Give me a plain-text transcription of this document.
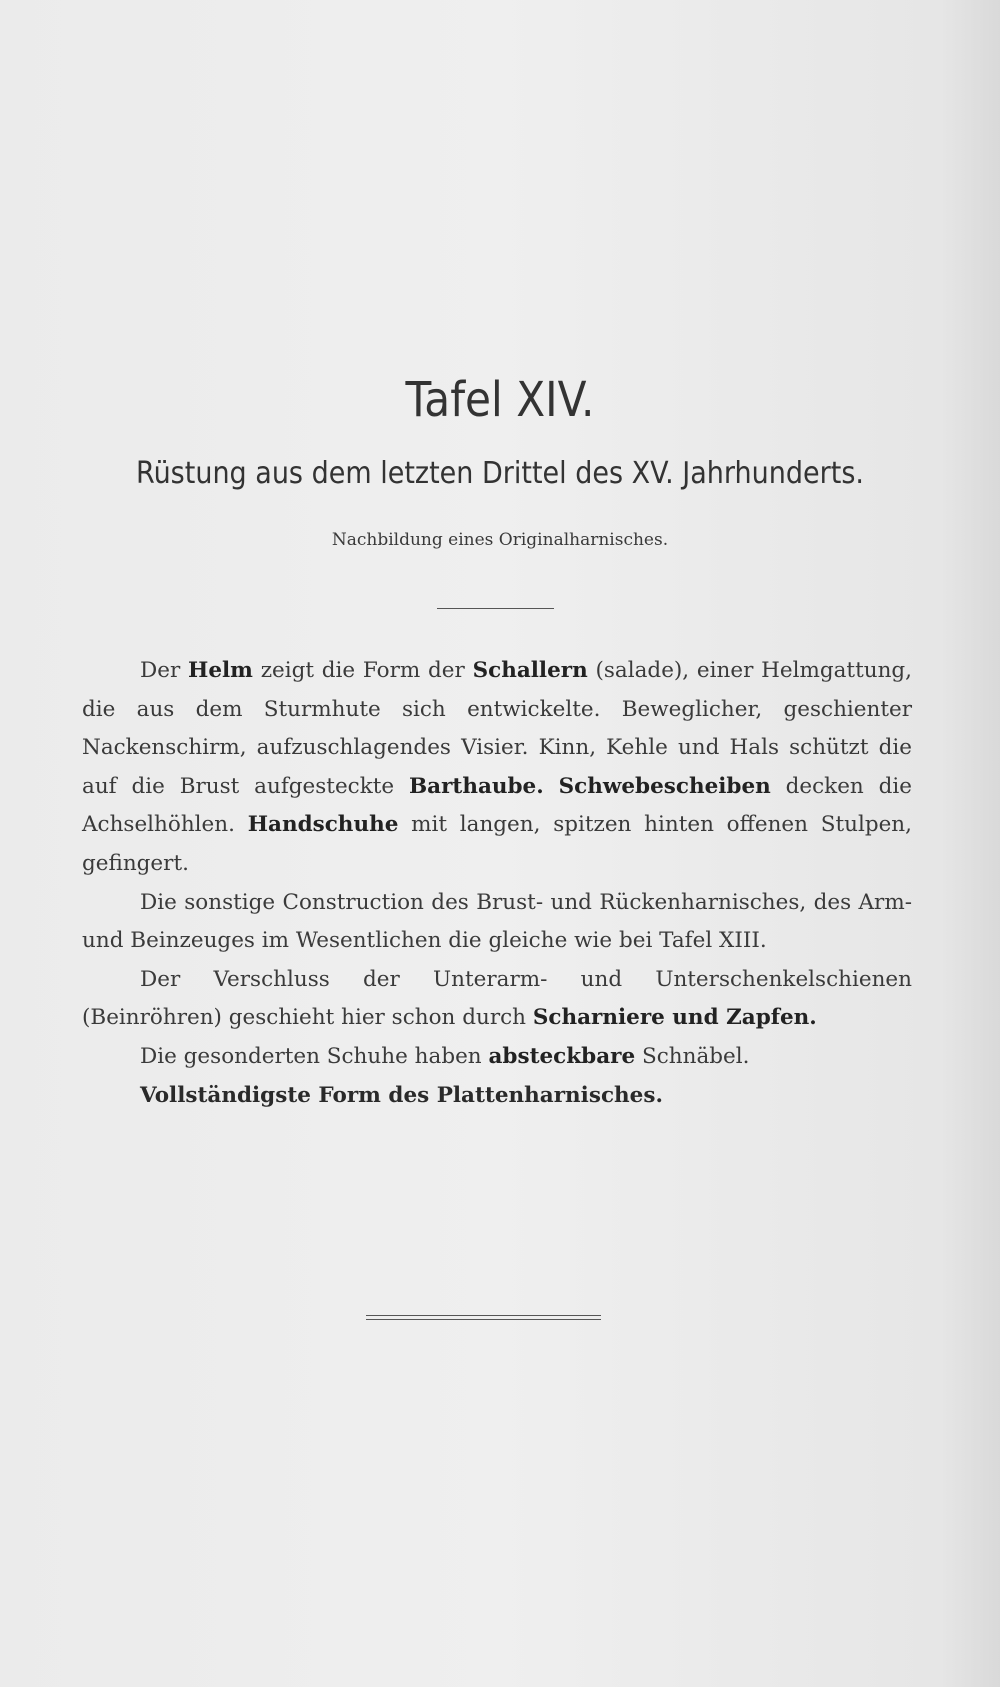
Tafel XIV.
Rüstung aus dem letzten Drittel des XV. Jahrhunderts.
Nachbildung eines Originalharnisches.

Der Helm zeigt die Form der Schallern (salade), einer Helmgattung, die aus dem Sturmhute sich entwickelte. Beweglicher, geschienter Nackenschirm, aufzuschlagendes Visier. Kinn, Kehle und Hals schützt die auf die Brust aufgesteckte Barthaube. Schwebescheiben decken die Achselhöhlen. Handschuhe mit langen, spitzen hinten offenen Stulpen, gefingert.

Die sonstige Construction des Brust- und Rückenharnisches, des Arm- und Beinzeuges im Wesentlichen die gleiche wie bei Tafel XIII.

Der Verschluss der Unterarm- und Unterschenkelschienen (Beinröhren) geschieht hier schon durch Scharniere und Zapfen.

Die gesonderten Schuhe haben absteckbare Schnäbel.

Vollständigste Form des Plattenharnisches.
